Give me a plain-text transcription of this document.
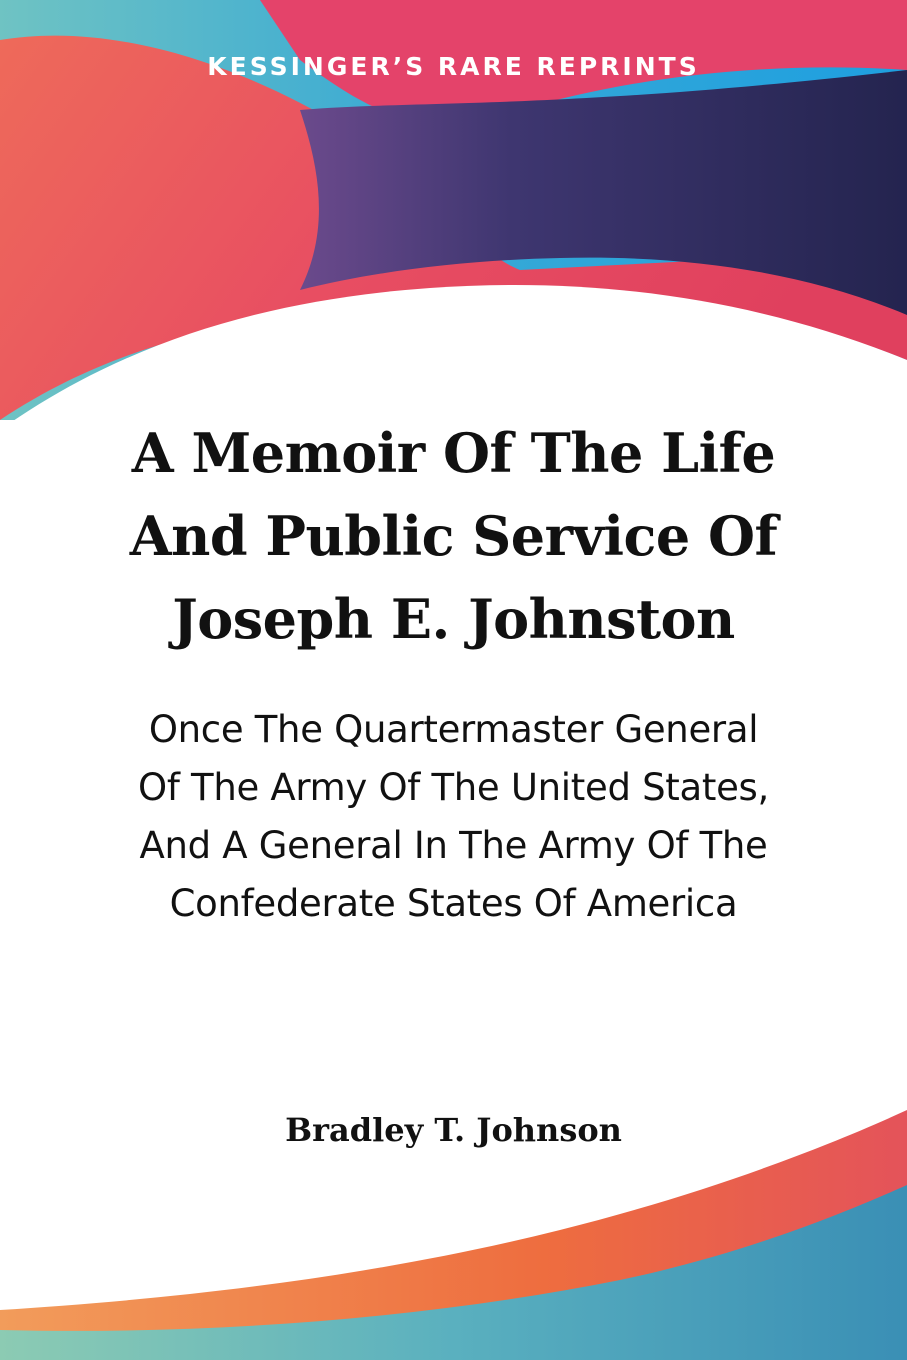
KESSINGER’S RARE REPRINTS
A Memoir Of The Life
And Public Service Of
Joseph E. Johnston
Once The Quartermaster General
Of The Army Of The United States,
And A General In The Army Of The
Confederate States Of America
Bradley T. Johnson
